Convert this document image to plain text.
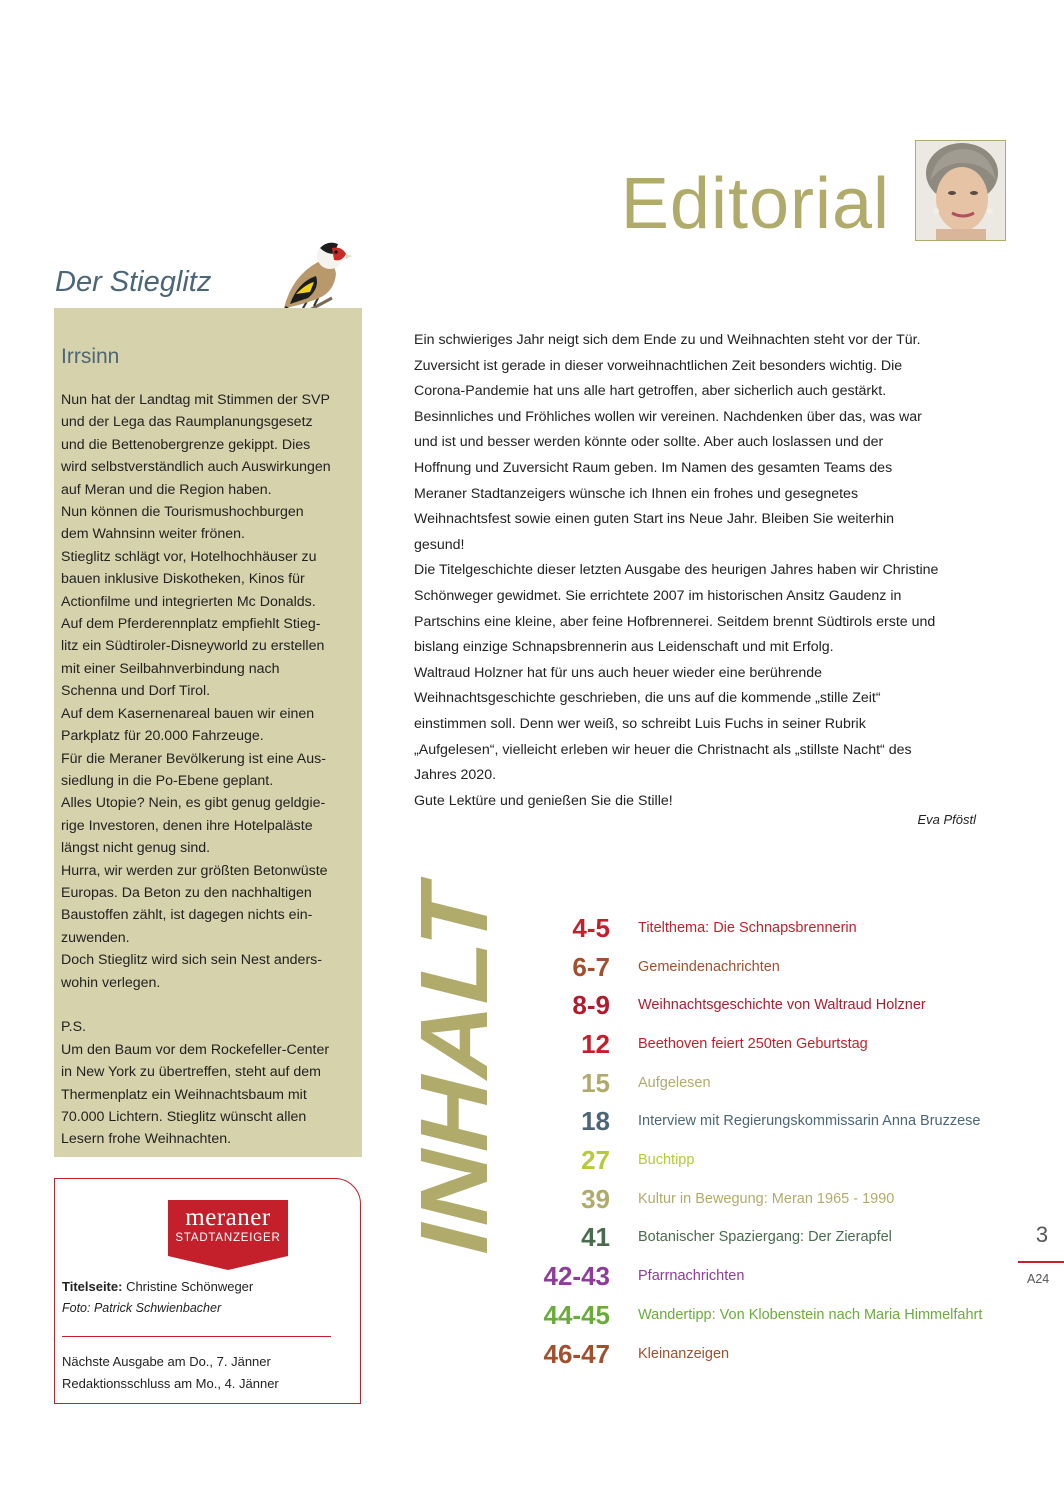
Editorial
Der Stieglitz
Irrsinn
Nun hat der Landtag mit Stimmen der SVP
und der Lega das Raumplanungsgesetz
und die Bettenobergrenze gekippt. Dies
wird selbstverständlich auch Auswirkungen
auf Meran und die Region haben.
Nun können die Tourismushochburgen
dem Wahnsinn weiter frönen.
Stieglitz schlägt vor, Hotelhochhäuser zu
bauen inklusive Diskotheken, Kinos für
Actionfilme und integrierten Mc Donalds.
Auf dem Pferderennplatz empfiehlt Stieg-
litz ein Südtiroler-Disneyworld zu erstellen
mit einer Seilbahnverbindung nach
Schenna und Dorf Tirol.
Auf dem Kasernenareal bauen wir einen
Parkplatz für 20.000 Fahrzeuge.
Für die Meraner Bevölkerung ist eine Aus-
siedlung in die Po-Ebene geplant.
Alles Utopie? Nein, es gibt genug geldgie-
rige Investoren, denen ihre Hotelpaläste
längst nicht genug sind.
Hurra, wir werden zur größten Betonwüste
Europas. Da Beton zu den nachhaltigen
Baustoffen zählt, ist dagegen nichts ein-
zuwenden.
Doch Stieglitz wird sich sein Nest anders-
wohin verlegen.

P.S.
Um den Baum vor dem Rockefeller-Center
in New York zu übertreffen, steht auf dem
Thermenplatz ein Weihnachtsbaum mit
70.000 Lichtern. Stieglitz wünscht allen
Lesern frohe Weihnachten.
meraner
STADTANZEIGER
Titelseite: Christine Schönweger
Foto: Patrick Schwienbacher
Nächste Ausgabe am Do., 7. Jänner
Redaktionsschluss am Mo., 4. Jänner
Ein schwieriges Jahr neigt sich dem Ende zu und Weihnachten steht vor der Tür.
Zuversicht ist gerade in dieser vorweihnachtlichen Zeit besonders wichtig. Die
Corona-Pandemie hat uns alle hart getroffen, aber sicherlich auch gestärkt.
Besinnliches und Fröhliches wollen wir vereinen. Nachdenken über das, was war
und ist und besser werden könnte oder sollte. Aber auch loslassen und der
Hoffnung und Zuversicht Raum geben. Im Namen des gesamten Teams des
Meraner Stadtanzeigers wünsche ich Ihnen ein frohes und gesegnetes
Weihnachtsfest sowie einen guten Start ins Neue Jahr. Bleiben Sie weiterhin
gesund!
Die Titelgeschichte dieser letzten Ausgabe des heurigen Jahres haben wir Christine
Schönweger gewidmet. Sie errichtete 2007 im historischen Ansitz Gaudenz in
Partschins eine kleine, aber feine Hofbrennerei. Seitdem brennt Südtirols erste und
bislang einzige Schnapsbrennerin aus Leidenschaft und mit Erfolg.
Waltraud Holzner hat für uns auch heuer wieder eine berührende
Weihnachtsgeschichte geschrieben, die uns auf die kommende „stille Zeit“
einstimmen soll. Denn wer weiß, so schreibt Luis Fuchs in seiner Rubrik
„Aufgelesen“, vielleicht erleben wir heuer die Christnacht als „stillste Nacht“ des
Jahres 2020.
Gute Lektüre und genießen Sie die Stille!
Eva Pföstl
INHALT	4-5 Titelthema: Die Schnapsbrennerin
6-7 Gemeindenachrichten
8-9 Weihnachtsgeschichte von Waltraud Holzner
12 Beethoven feiert 250ten Geburtstag
15 Aufgelesen
18 Interview mit Regierungskommissarin Anna Bruzzese
27 Buchtipp
39 Kultur in Bewegung: Meran 1965 - 1990
41 Botanischer Spaziergang: Der Zierapfel
42-43 Pfarrnachrichten
44-45 Wandertipp: Von Klobenstein nach Maria Himmelfahrt
46-47 Kleinanzeigen
3
A24
